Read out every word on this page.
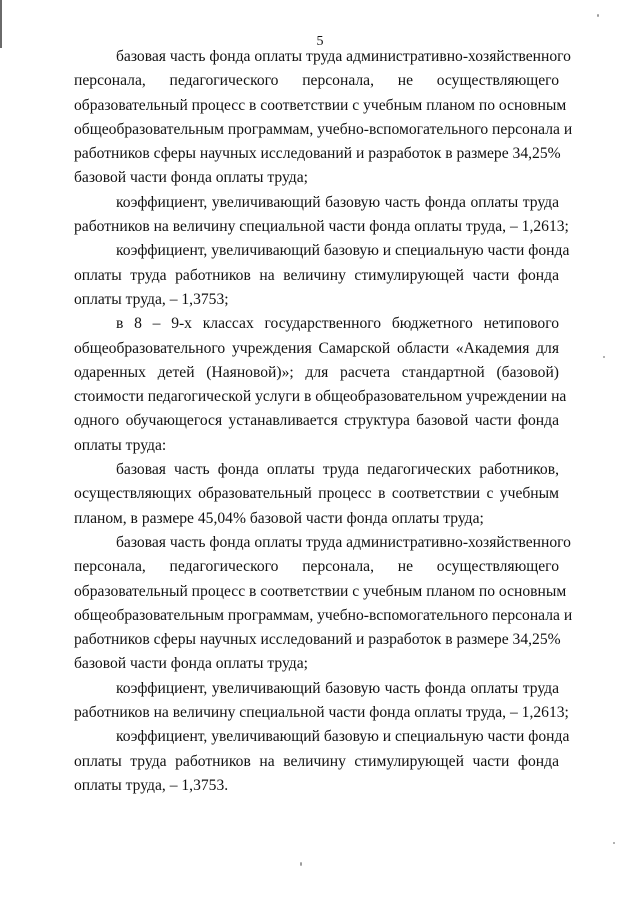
5
базовая часть фонда оплаты труда административно-хозяйственного
персонала, педагогического персонала, не осуществляющего
образовательный процесс в соответствии с учебным планом по основным
общеобразовательным программам, учебно-вспомогательного персонала и
работников сферы научных исследований и разработок в размере 34,25%
базовой части фонда оплаты труда;
коэффициент, увеличивающий базовую часть фонда оплаты труда
работников на величину специальной части фонда оплаты труда, – 1,2613;
коэффициент, увеличивающий базовую и специальную части фонда
оплаты труда работников на величину стимулирующей части фонда
оплаты труда, – 1,3753;
в 8 – 9-х классах государственного бюджетного нетипового
общеобразовательного учреждения Самарской области «Академия для
одаренных детей (Наяновой)»; для расчета стандартной (базовой)
стоимости педагогической услуги в общеобразовательном учреждении на
одного обучающегося устанавливается структура базовой части фонда
оплаты труда:
базовая часть фонда оплаты труда педагогических работников,
осуществляющих образовательный процесс в соответствии с учебным
планом, в размере 45,04% базовой части фонда оплаты труда;
базовая часть фонда оплаты труда административно-хозяйственного
персонала, педагогического персонала, не осуществляющего
образовательный процесс в соответствии с учебным планом по основным
общеобразовательным программам, учебно-вспомогательного персонала и
работников сферы научных исследований и разработок в размере 34,25%
базовой части фонда оплаты труда;
коэффициент, увеличивающий базовую часть фонда оплаты труда
работников на величину специальной части фонда оплаты труда, – 1,2613;
коэффициент, увеличивающий базовую и специальную части фонда
оплаты труда работников на величину стимулирующей части фонда
оплаты труда, – 1,3753.
